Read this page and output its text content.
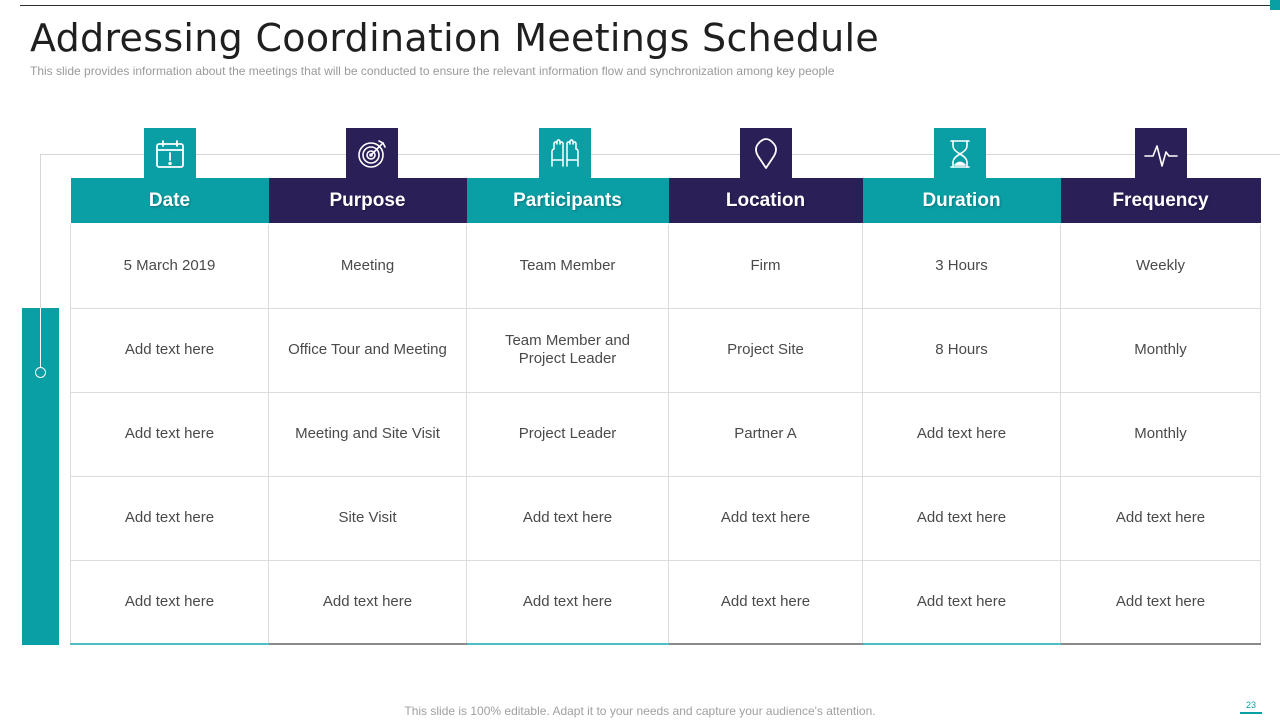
Addressing Coordination Meetings Schedule
This slide provides information about the meetings that will be conducted to ensure the relevant information flow and synchronization among key people
Date	Purpose	Participants	Location	Duration	Frequency
5 March 2019	Meeting	Team Member	Firm	3 Hours	Weekly
Add text here	Office Tour and Meeting	Team Member and Project Leader	Project Site	8 Hours	Monthly
Add text here	Meeting and Site Visit	Project Leader	Partner A	Add text here	Monthly
Add text here	Site Visit	Add text here	Add text here	Add text here	Add text here
Add text here	Add text here	Add text here	Add text here	Add text here	Add text here
This slide is 100% editable. Adapt it to your needs and capture your audience's attention.	23
